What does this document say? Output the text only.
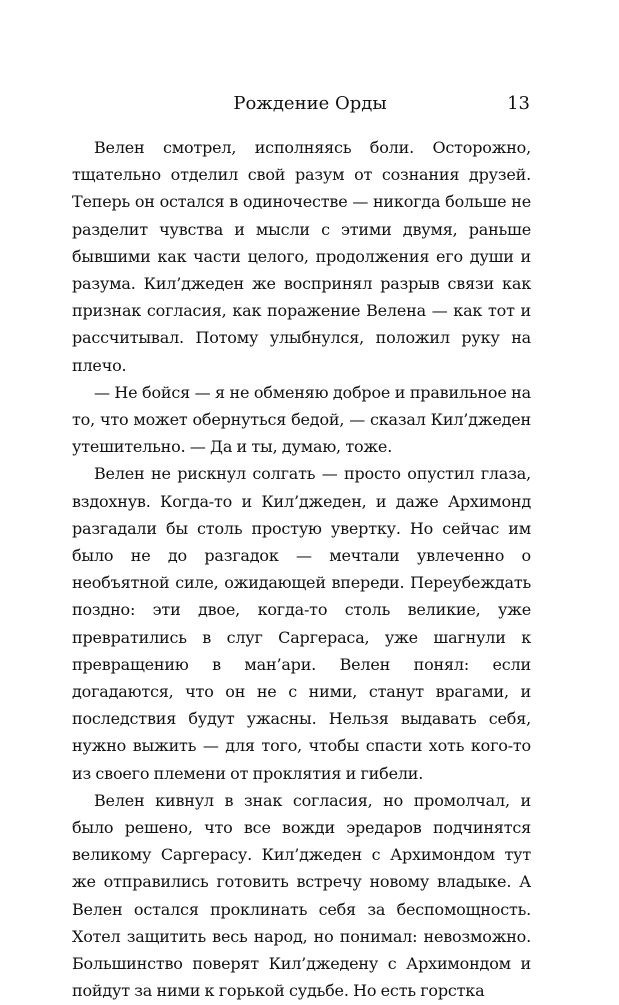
Рождение Орды	13

Велен смотрел, исполняясь боли. Осторожно, тщательно отделил свой разум от сознания друзей. Теперь он остался в одиночестве — никогда больше не разделит чувства и мысли с этими двумя, раньше бывшими как части целого, продолжения его души и разума. Кил’джеден же воспринял разрыв связи как признак согласия, как поражение Велена — как тот и рассчитывал. Потому улыбнулся, положил руку на плечо.

— Не бойся — я не обменяю доброе и правильное на то, что может обернуться бедой, — сказал Кил’джеден утешительно. — Да и ты, думаю, тоже.

Велен не рискнул солгать — просто опустил глаза, вздохнув. Когда-то и Кил’джеден, и даже Архимонд разгадали бы столь простую увертку. Но сейчас им было не до разгадок — мечтали увлеченно о необъятной силе, ожидающей впереди. Переубеждать поздно: эти двое, когда-то столь великие, уже превратились в слуг Саргераса, уже шагнули к превращению в ман’ари. Велен понял: если догадаются, что он не с ними, станут врагами, и последствия будут ужасны. Нельзя выдавать себя, нужно выжить — для того, чтобы спасти хоть кого-то из своего племени от проклятия и гибели.

Велен кивнул в знак согласия, но промолчал, и было решено, что все вожди эредаров подчинятся великому Саргерасу. Кил’джеден с Архимондом тут же отправились готовить встречу новому владыке. А Велен остался проклинать себя за беспомощность. Хотел защитить весь народ, но понимал: невозможно. Большинство поверят Кил’джедену с Архимондом и пойдут за ними к горькой судьбе. Но есть горстка
